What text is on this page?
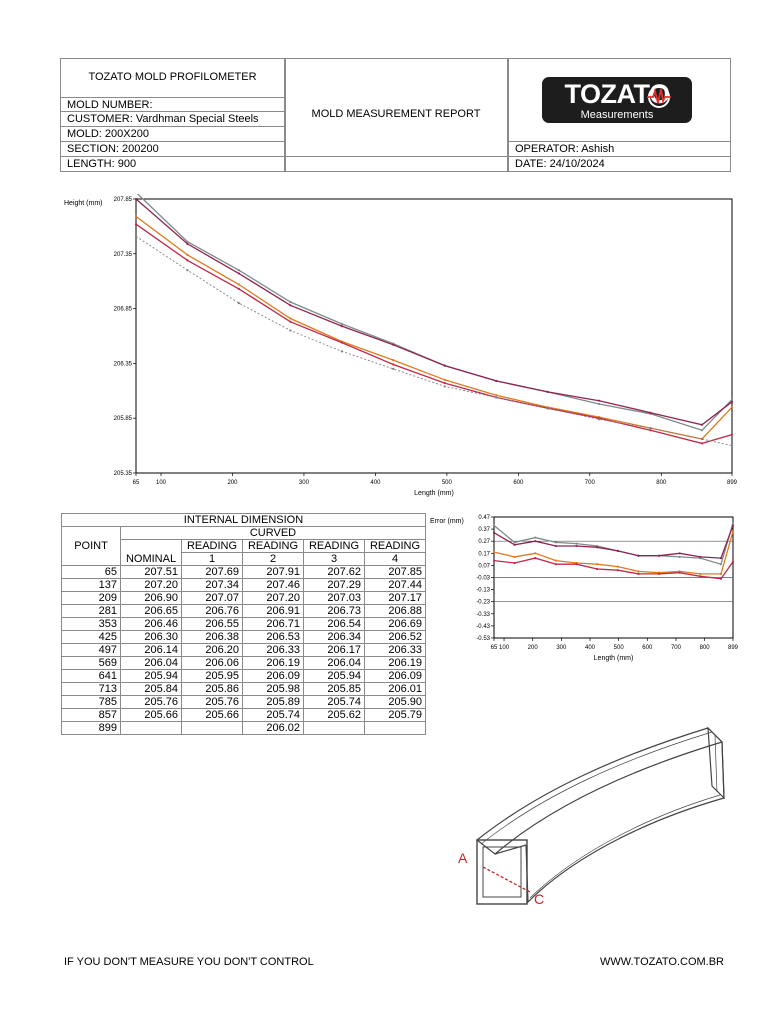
TOZATO MOLD PROFILOMETER
MOLD NUMBER:
CUSTOMER: Vardhman Special Steels
MOLD: 200X200
SECTION: 200200
LENGTH: 900
MOLD MEASUREMENT REPORT
OPERATOR: Ashish
DATE: 24/10/2024
TOZATO
Measurements
205.35
205.85
206.35
206.85
207.35
207.85
65	100	200	300	400	500	600	700	800	899
Length (mm)
Height (mm)
INTERNAL DIMENSION					
POINT	CURVED				
	NOMINAL	READING	READING	READING	READING
		1	2	3	4
65	207.51	207.69	207.91	207.62	207.85
137	207.20	207.34	207.46	207.29	207.44
209	206.90	207.07	207.20	207.03	207.17
281	206.65	206.76	206.91	206.73	206.88
353	206.46	206.55	206.71	206.54	206.69
425	206.30	206.38	206.53	206.34	206.52
497	206.14	206.20	206.33	206.17	206.33
569	206.04	206.06	206.19	206.04	206.19
641	205.94	205.95	206.09	205.94	206.09
713	205.84	205.86	205.98	205.85	206.01
785	205.76	205.76	205.89	205.74	205.90
857	205.66	205.66	205.74	205.62	205.79
899			206.02		
0.47
0.37
0.27
0.17
0.07
-0.03
-0.13
-0.23
-0.33
-0.43
-0.53
65 100	200	300	400	500	600	700	800	899
Length (mm)
Error (mm)
A
C
IF YOU DON'T MEASURE YOU DON'T CONTROL	WWW.TOZATO.COM.BR
